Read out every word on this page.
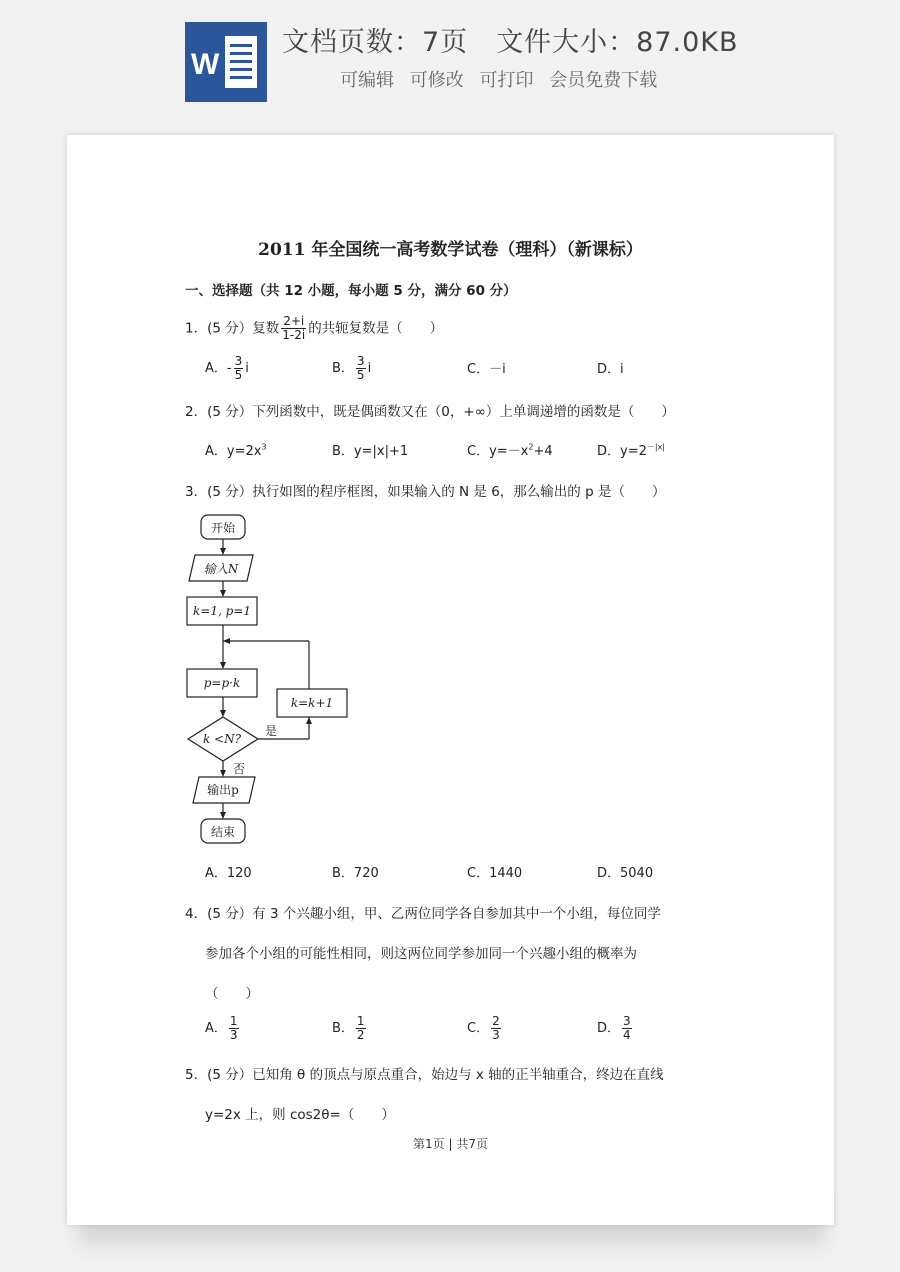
W
文档页数：7页 文件大小：87.0KB
可编辑 可修改 可打印 会员免费下载
2011 年全国统一高考数学试卷（理科）（新课标）
一、选择题（共 12 小题，每小题 5 分，满分 60 分）
1．(5 分）复数 $\frac{2+i}{1-2i}$ 的共轭复数是（　　）
A．- $\frac{3}{5}$ i	B． $\frac{3}{5}$ i	C．－i	D．i
2．(5 分）下列函数中，既是偶函数又在（0，+∞）上单调递增的函数是（　　）
A．$y=2x^3$	B．y=|x|+1	C．$y=-x^2+4$	D．$y=2^{-|x|}$
3．(5 分）执行如图的程序框图，如果输入的 N 是 6，那么输出的 p 是（　　）
开始
输入N
k=1, p=1
p=p·k
k <N?
是
否
k=k+1
输出p
结束
A．120	B．720	C．1440	D．5040
4．(5 分）有 3 个兴趣小组，甲、乙两位同学各自参加其中一个小组，每位同学
参加各个小组的可能性相同，则这两位同学参加同一个兴趣小组的概率为
（　　）
A． $\frac{1}{3}$	B． $\frac{1}{2}$	C． $\frac{2}{3}$	D． $\frac{3}{4}$
5．(5 分）已知角 θ 的顶点与原点重合，始边与 x 轴的正半轴重合，终边在直线
y=2x 上，则 cos2θ=（　　）
第1页 | 共7页
